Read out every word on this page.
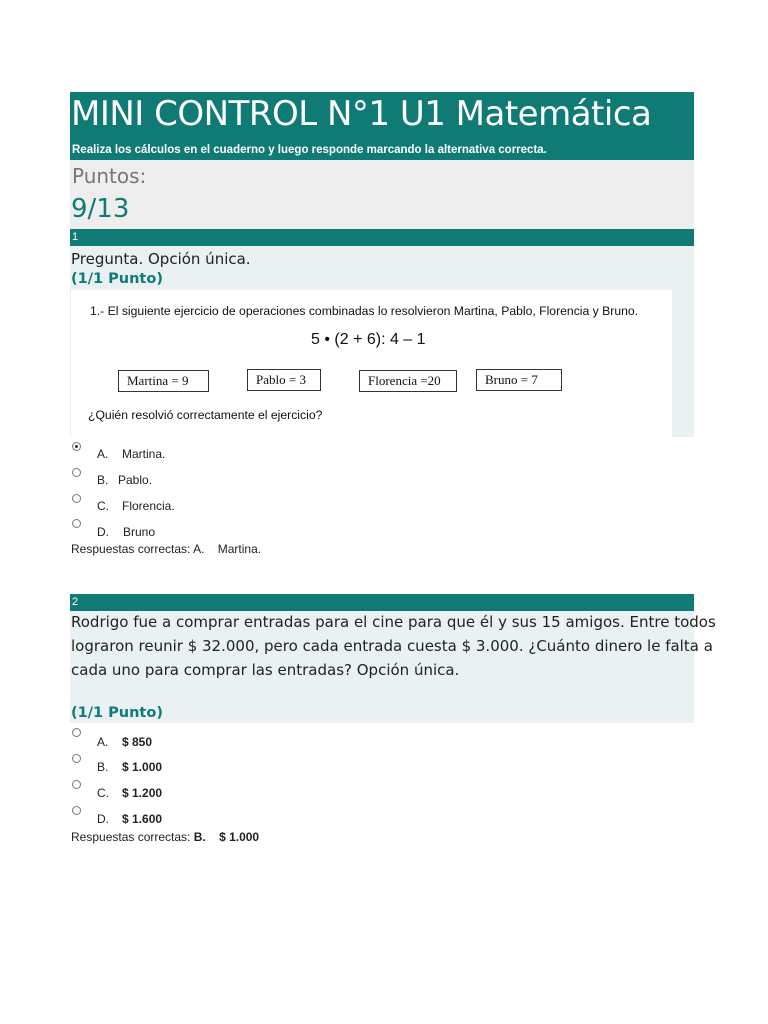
MINI CONTROL N°1 U1 Matemática
Realiza los cálculos en el cuaderno y luego responde marcando la alternativa correcta.
Puntos:
9/13
1
Pregunta. Opción única.
(1/1 Punto)
1.- El siguiente ejercicio de operaciones combinadas lo resolvieron Martina, Pablo, Florencia y Bruno.
5 • (2 + 6): 4 – 1
Martina = 9	Pablo = 3	Florencia =20	Bruno = 7
¿Quién resolvió correctamente el ejercicio?
A. Martina.
B. Pablo.
C. Florencia.
D. Bruno
Respuestas correctas: A.    Martina.
2
Rodrigo fue a comprar entradas para el cine para que él y sus 15 amigos. Entre todos
lograron reunir $ 32.000, pero cada entrada cuesta $ 3.000. ¿Cuánto dinero le falta a
cada uno para comprar las entradas? Opción única.
(1/1 Punto)
A. $ 850
B. $ 1.000
C. $ 1.200
D. $ 1.600
Respuestas correctas: B.    $ 1.000
